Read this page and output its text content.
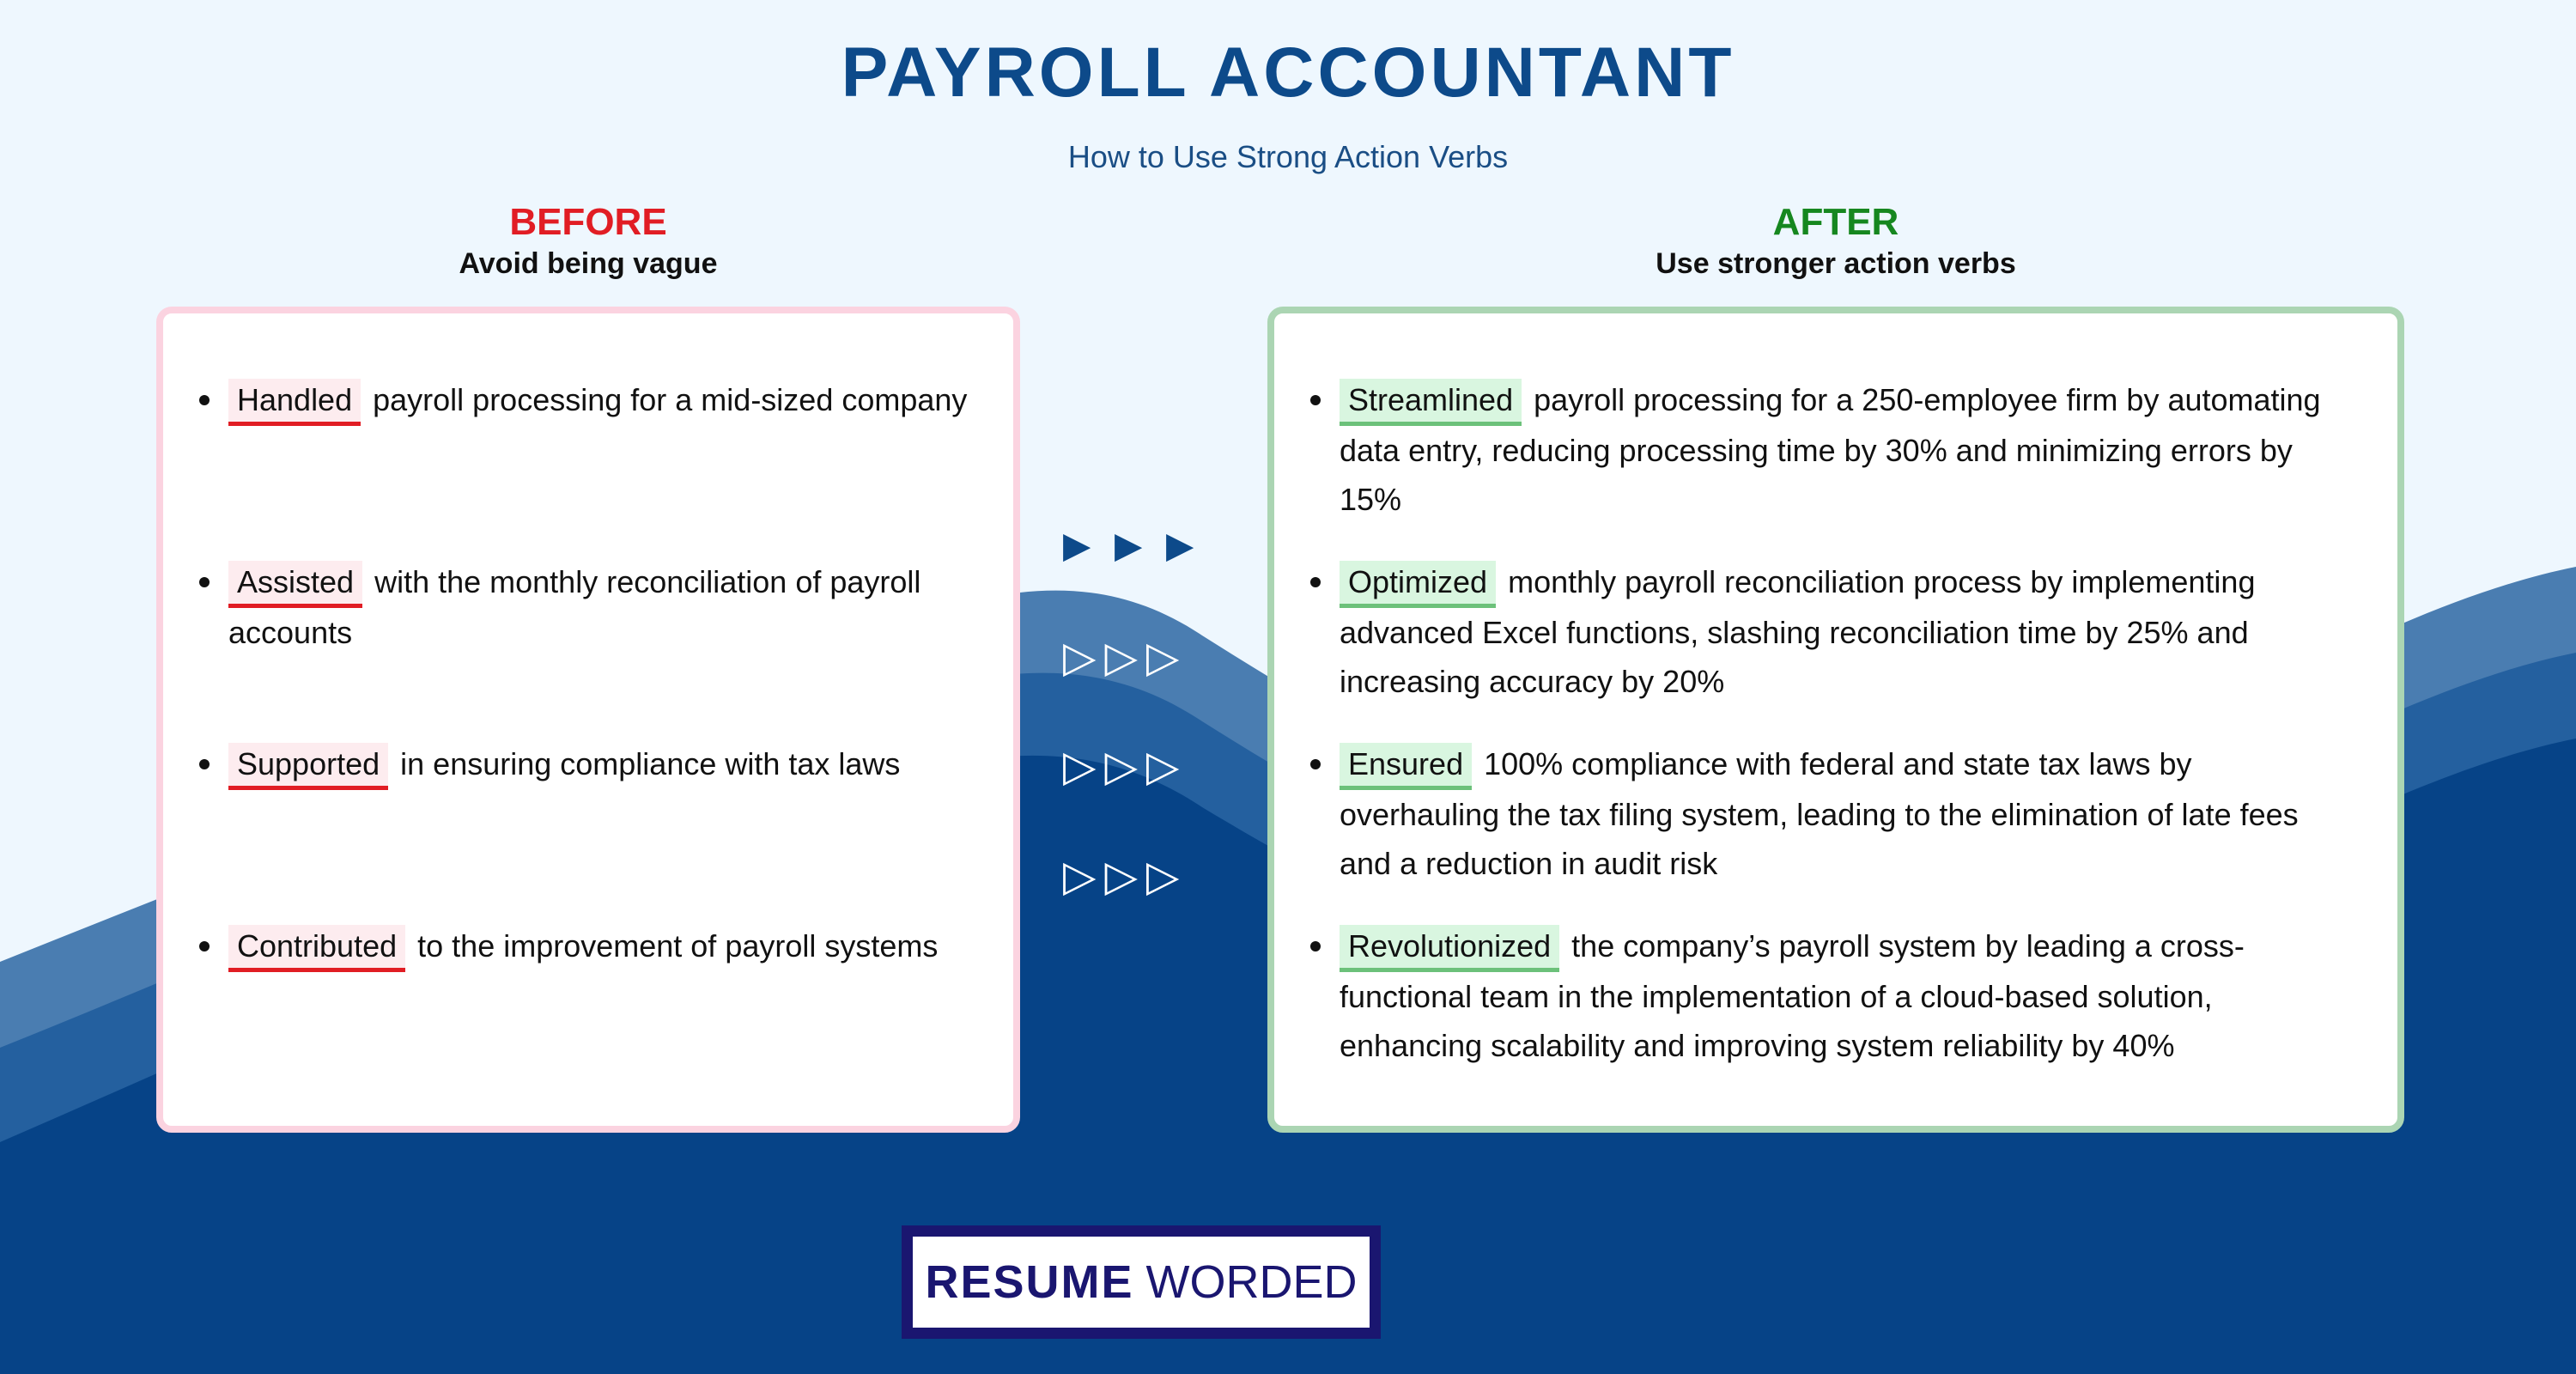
PAYROLL ACCOUNTANT
How to Use Strong Action Verbs
BEFORE
Avoid being vague
AFTER
Use stronger action verbs
Handled payroll processing for a mid-sized company
Assisted with the monthly reconciliation of payroll accounts
Supported in ensuring compliance with tax laws
Contributed to the improvement of payroll systems
Streamlined payroll processing for a 250-employee firm by automating data entry, reducing processing time by 30% and minimizing errors by 15%
Optimized monthly payroll reconciliation process by implementing advanced Excel functions, slashing reconciliation time by 25% and increasing accuracy by 20%
Ensured 100% compliance with federal and state tax laws by overhauling the tax filing system, leading to the elimination of late fees and a reduction in audit risk
Revolutionized the company’s payroll system by leading a cross-functional team in the implementation of a cloud-based solution, enhancing scalability and improving system reliability by 40%
▶ ▶ ▶
▷▷▷
▷▷▷
▷▷▷
RESUME WORDED
